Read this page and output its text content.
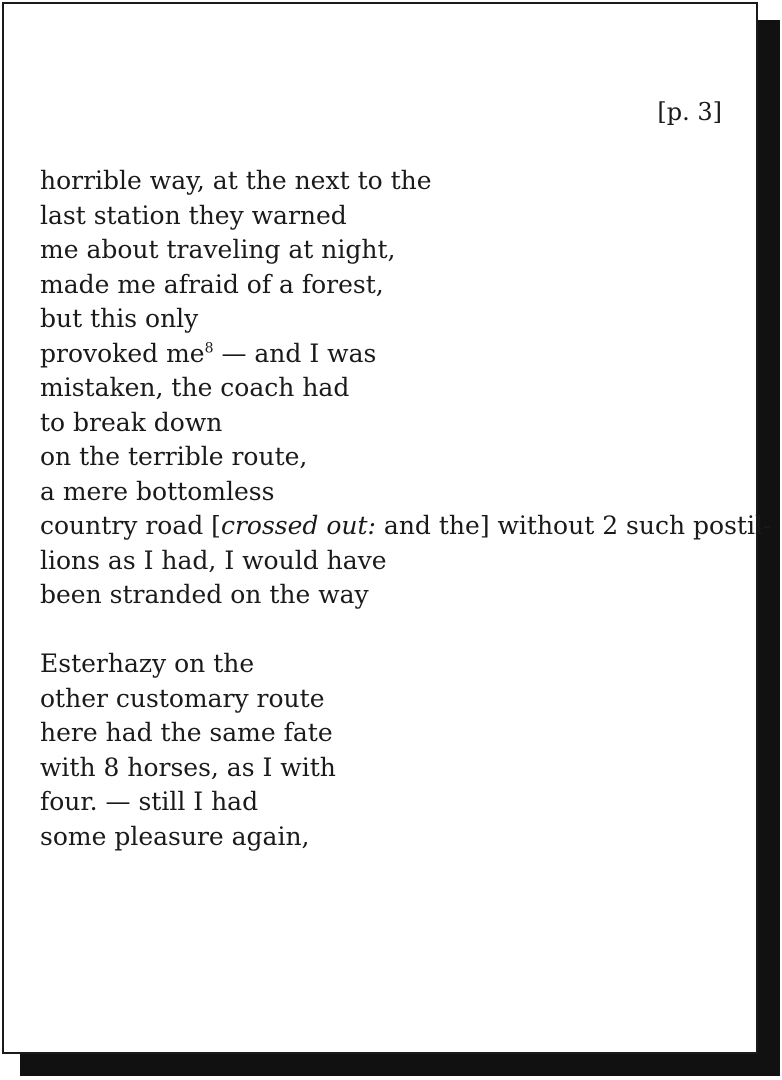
[p. 3]

horrible way, at the next to the
last station they warned
me about traveling at night,
made me afraid of a forest,
but this only
provoked me$^8$ — and I was
mistaken, the coach had
to break down
on the terrible route,
a mere bottomless
country road [crossed out: and the] without 2 such postil-
lions as I had, I would have
been stranded on the way

Esterhazy on the
other customary route
here had the same fate
with 8 horses, as I with
four. — still I had
some pleasure again,
